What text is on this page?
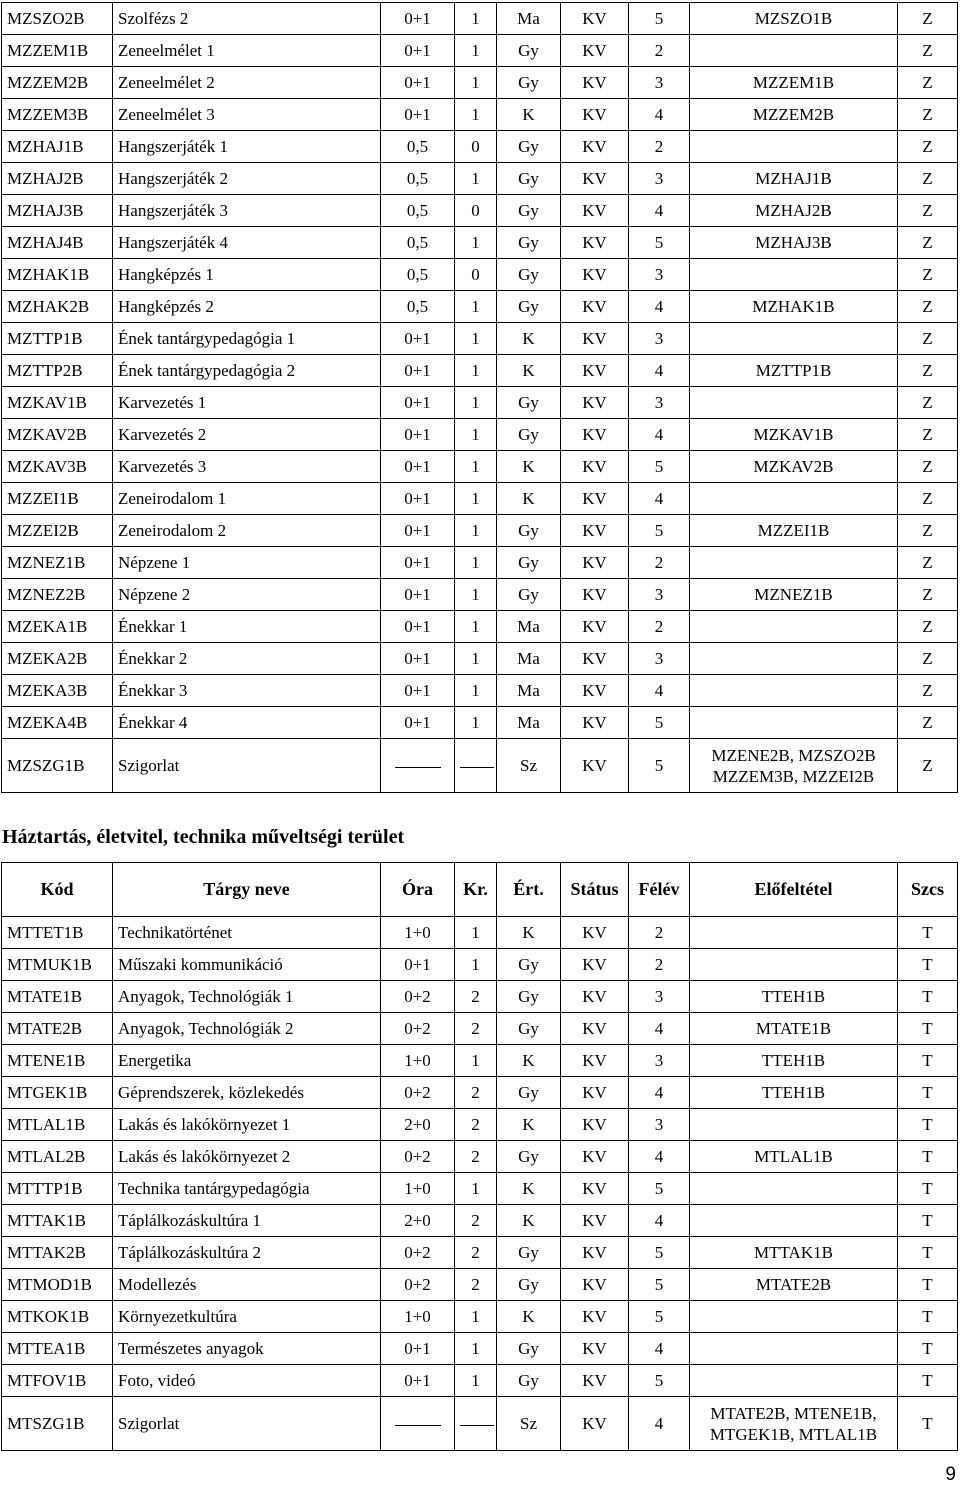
MZSZO2B	Szolfézs 2	0+1	1	Ma	KV	5	MZSZO1B	Z
MZZEM1B	Zeneelmélet 1	0+1	1	Gy	KV	2		Z
MZZEM2B	Zeneelmélet 2	0+1	1	Gy	KV	3	MZZEM1B	Z
MZZEM3B	Zeneelmélet 3	0+1	1	K	KV	4	MZZEM2B	Z
MZHAJ1B	Hangszerjáték 1	0,5	0	Gy	KV	2		Z
MZHAJ2B	Hangszerjáték 2	0,5	1	Gy	KV	3	MZHAJ1B	Z
MZHAJ3B	Hangszerjáték 3	0,5	0	Gy	KV	4	MZHAJ2B	Z
MZHAJ4B	Hangszerjáték 4	0,5	1	Gy	KV	5	MZHAJ3B	Z
MZHAK1B	Hangképzés 1	0,5	0	Gy	KV	3		Z
MZHAK2B	Hangképzés 2	0,5	1	Gy	KV	4	MZHAK1B	Z
MZTTP1B	Ének tantárgypedagógia 1	0+1	1	K	KV	3		Z
MZTTP2B	Ének tantárgypedagógia 2	0+1	1	K	KV	4	MZTTP1B	Z
MZKAV1B	Karvezetés 1	0+1	1	Gy	KV	3		Z
MZKAV2B	Karvezetés 2	0+1	1	Gy	KV	4	MZKAV1B	Z
MZKAV3B	Karvezetés 3	0+1	1	K	KV	5	MZKAV2B	Z
MZZEI1B	Zeneirodalom 1	0+1	1	K	KV	4		Z
MZZEI2B	Zeneirodalom 2	0+1	1	Gy	KV	5	MZZEI1B	Z
MZNEZ1B	Népzene 1	0+1	1	Gy	KV	2		Z
MZNEZ2B	Népzene 2	0+1	1	Gy	KV	3	MZNEZ1B	Z
MZEKA1B	Énekkar 1	0+1	1	Ma	KV	2		Z
MZEKA2B	Énekkar 2	0+1	1	Ma	KV	3		Z
MZEKA3B	Énekkar 3	0+1	1	Ma	KV	4		Z
MZEKA4B	Énekkar 4	0+1	1	Ma	KV	5		Z
MZSZG1B	Szigorlat			Sz	KV	5	MZENE2B, MZSZO2B
MZZEM3B, MZZEI2B	Z
Háztartás, életvitel, technika műveltségi terület
Kód	Tárgy neve	Óra	Kr.	Ért.	Státus	Félév	Előfeltétel	Szcs
MTTET1B	Technikatörténet	1+0	1	K	KV	2		T
MTMUK1B	Műszaki kommunikáció	0+1	1	Gy	KV	2		T
MTATE1B	Anyagok, Technológiák 1	0+2	2	Gy	KV	3	TTEH1B	T
MTATE2B	Anyagok, Technológiák 2	0+2	2	Gy	KV	4	MTATE1B	T
MTENE1B	Energetika	1+0	1	K	KV	3	TTEH1B	T
MTGEK1B	Géprendszerek, közlekedés	0+2	2	Gy	KV	4	TTEH1B	T
MTLAL1B	Lakás és lakókörnyezet 1	2+0	2	K	KV	3		T
MTLAL2B	Lakás és lakókörnyezet 2	0+2	2	Gy	KV	4	MTLAL1B	T
MTTTP1B	Technika tantárgypedagógia	1+0	1	K	KV	5		T
MTTAK1B	Táplálkozáskultúra 1	2+0	2	K	KV	4		T
MTTAK2B	Táplálkozáskultúra 2	0+2	2	Gy	KV	5	MTTAK1B	T
MTMOD1B	Modellezés	0+2	2	Gy	KV	5	MTATE2B	T
MTKOK1B	Környezetkultúra	1+0	1	K	KV	5		T
MTTEA1B	Természetes anyagok	0+1	1	Gy	KV	4		T
MTFOV1B	Foto, videó	0+1	1	Gy	KV	5		T
MTSZG1B	Szigorlat			Sz	KV	4	MTATE2B, MTENE1B,
MTGEK1B, MTLAL1B	T
9
